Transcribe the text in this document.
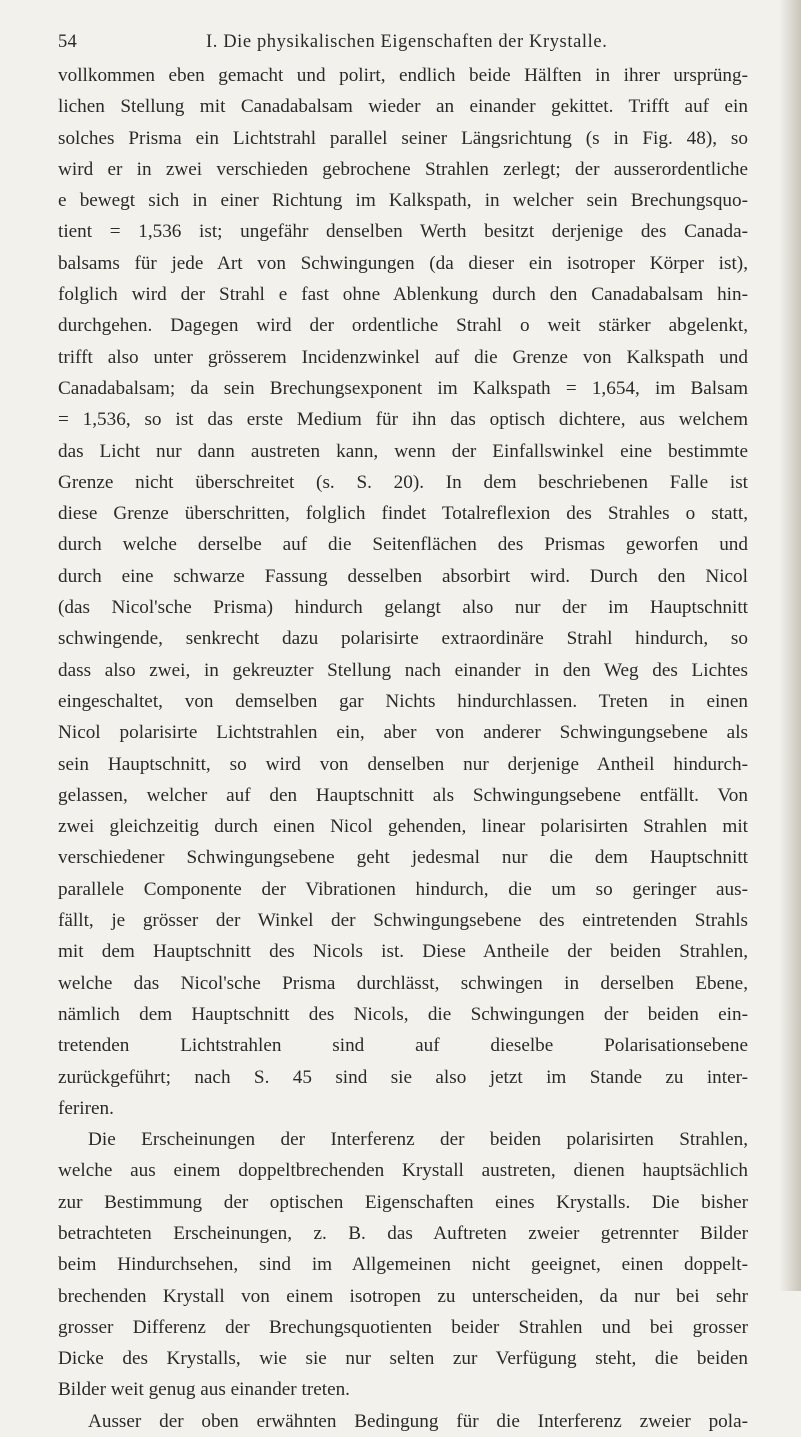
54	I. Die physikalischen Eigenschaften der Krystalle.
vollkommen eben gemacht und polirt, endlich beide Hälften in ihrer ursprüng-
lichen Stellung mit Canadabalsam wieder an einander gekittet. Trifft auf ein
solches Prisma ein Lichtstrahl parallel seiner Längsrichtung (s in Fig. 48), so
wird er in zwei verschieden gebrochene Strahlen zerlegt; der ausserordentliche
e bewegt sich in einer Richtung im Kalkspath, in welcher sein Brechungsquo-
tient = 1,536 ist; ungefähr denselben Werth besitzt derjenige des Canada-
balsams für jede Art von Schwingungen (da dieser ein isotroper Körper ist),
folglich wird der Strahl e fast ohne Ablenkung durch den Canadabalsam hin-
durchgehen. Dagegen wird der ordentliche Strahl o weit stärker abgelenkt,
trifft also unter grösserem Incidenzwinkel auf die Grenze von Kalkspath und
Canadabalsam; da sein Brechungsexponent im Kalkspath = 1,654, im Balsam
= 1,536, so ist das erste Medium für ihn das optisch dichtere, aus welchem
das Licht nur dann austreten kann, wenn der Einfallswinkel eine bestimmte
Grenze nicht überschreitet (s. S. 20). In dem beschriebenen Falle ist
diese Grenze überschritten, folglich findet Totalreflexion des Strahles o statt,
durch welche derselbe auf die Seitenflächen des Prismas geworfen und
durch eine schwarze Fassung desselben absorbirt wird. Durch den Nicol
(das Nicol'sche Prisma) hindurch gelangt also nur der im Hauptschnitt
schwingende, senkrecht dazu polarisirte extraordinäre Strahl hindurch, so
dass also zwei, in gekreuzter Stellung nach einander in den Weg des Lichtes
eingeschaltet, von demselben gar Nichts hindurchlassen. Treten in einen
Nicol polarisirte Lichtstrahlen ein, aber von anderer Schwingungsebene als
sein Hauptschnitt, so wird von denselben nur derjenige Antheil hindurch-
gelassen, welcher auf den Hauptschnitt als Schwingungsebene entfällt. Von
zwei gleichzeitig durch einen Nicol gehenden, linear polarisirten Strahlen mit
verschiedener Schwingungsebene geht jedesmal nur die dem Hauptschnitt
parallele Componente der Vibrationen hindurch, die um so geringer aus-
fällt, je grösser der Winkel der Schwingungsebene des eintretenden Strahls
mit dem Hauptschnitt des Nicols ist. Diese Antheile der beiden Strahlen,
welche das Nicol'sche Prisma durchlässt, schwingen in derselben Ebene,
nämlich dem Hauptschnitt des Nicols, die Schwingungen der beiden ein-
tretenden Lichtstrahlen sind auf dieselbe Polarisationsebene
zurückgeführt; nach S. 45 sind sie also jetzt im Stande zu inter-
feriren.
Die Erscheinungen der Interferenz der beiden polarisirten Strahlen,
welche aus einem doppeltbrechenden Krystall austreten, dienen hauptsächlich
zur Bestimmung der optischen Eigenschaften eines Krystalls. Die bisher
betrachteten Erscheinungen, z. B. das Auftreten zweier getrennter Bilder
beim Hindurchsehen, sind im Allgemeinen nicht geeignet, einen doppelt-
brechenden Krystall von einem isotropen zu unterscheiden, da nur bei sehr
grosser Differenz der Brechungsquotienten beider Strahlen und bei grosser
Dicke des Krystalls, wie sie nur selten zur Verfügung steht, die beiden
Bilder weit genug aus einander treten.
Ausser der oben erwähnten Bedingung für die Interferenz zweier pola-
